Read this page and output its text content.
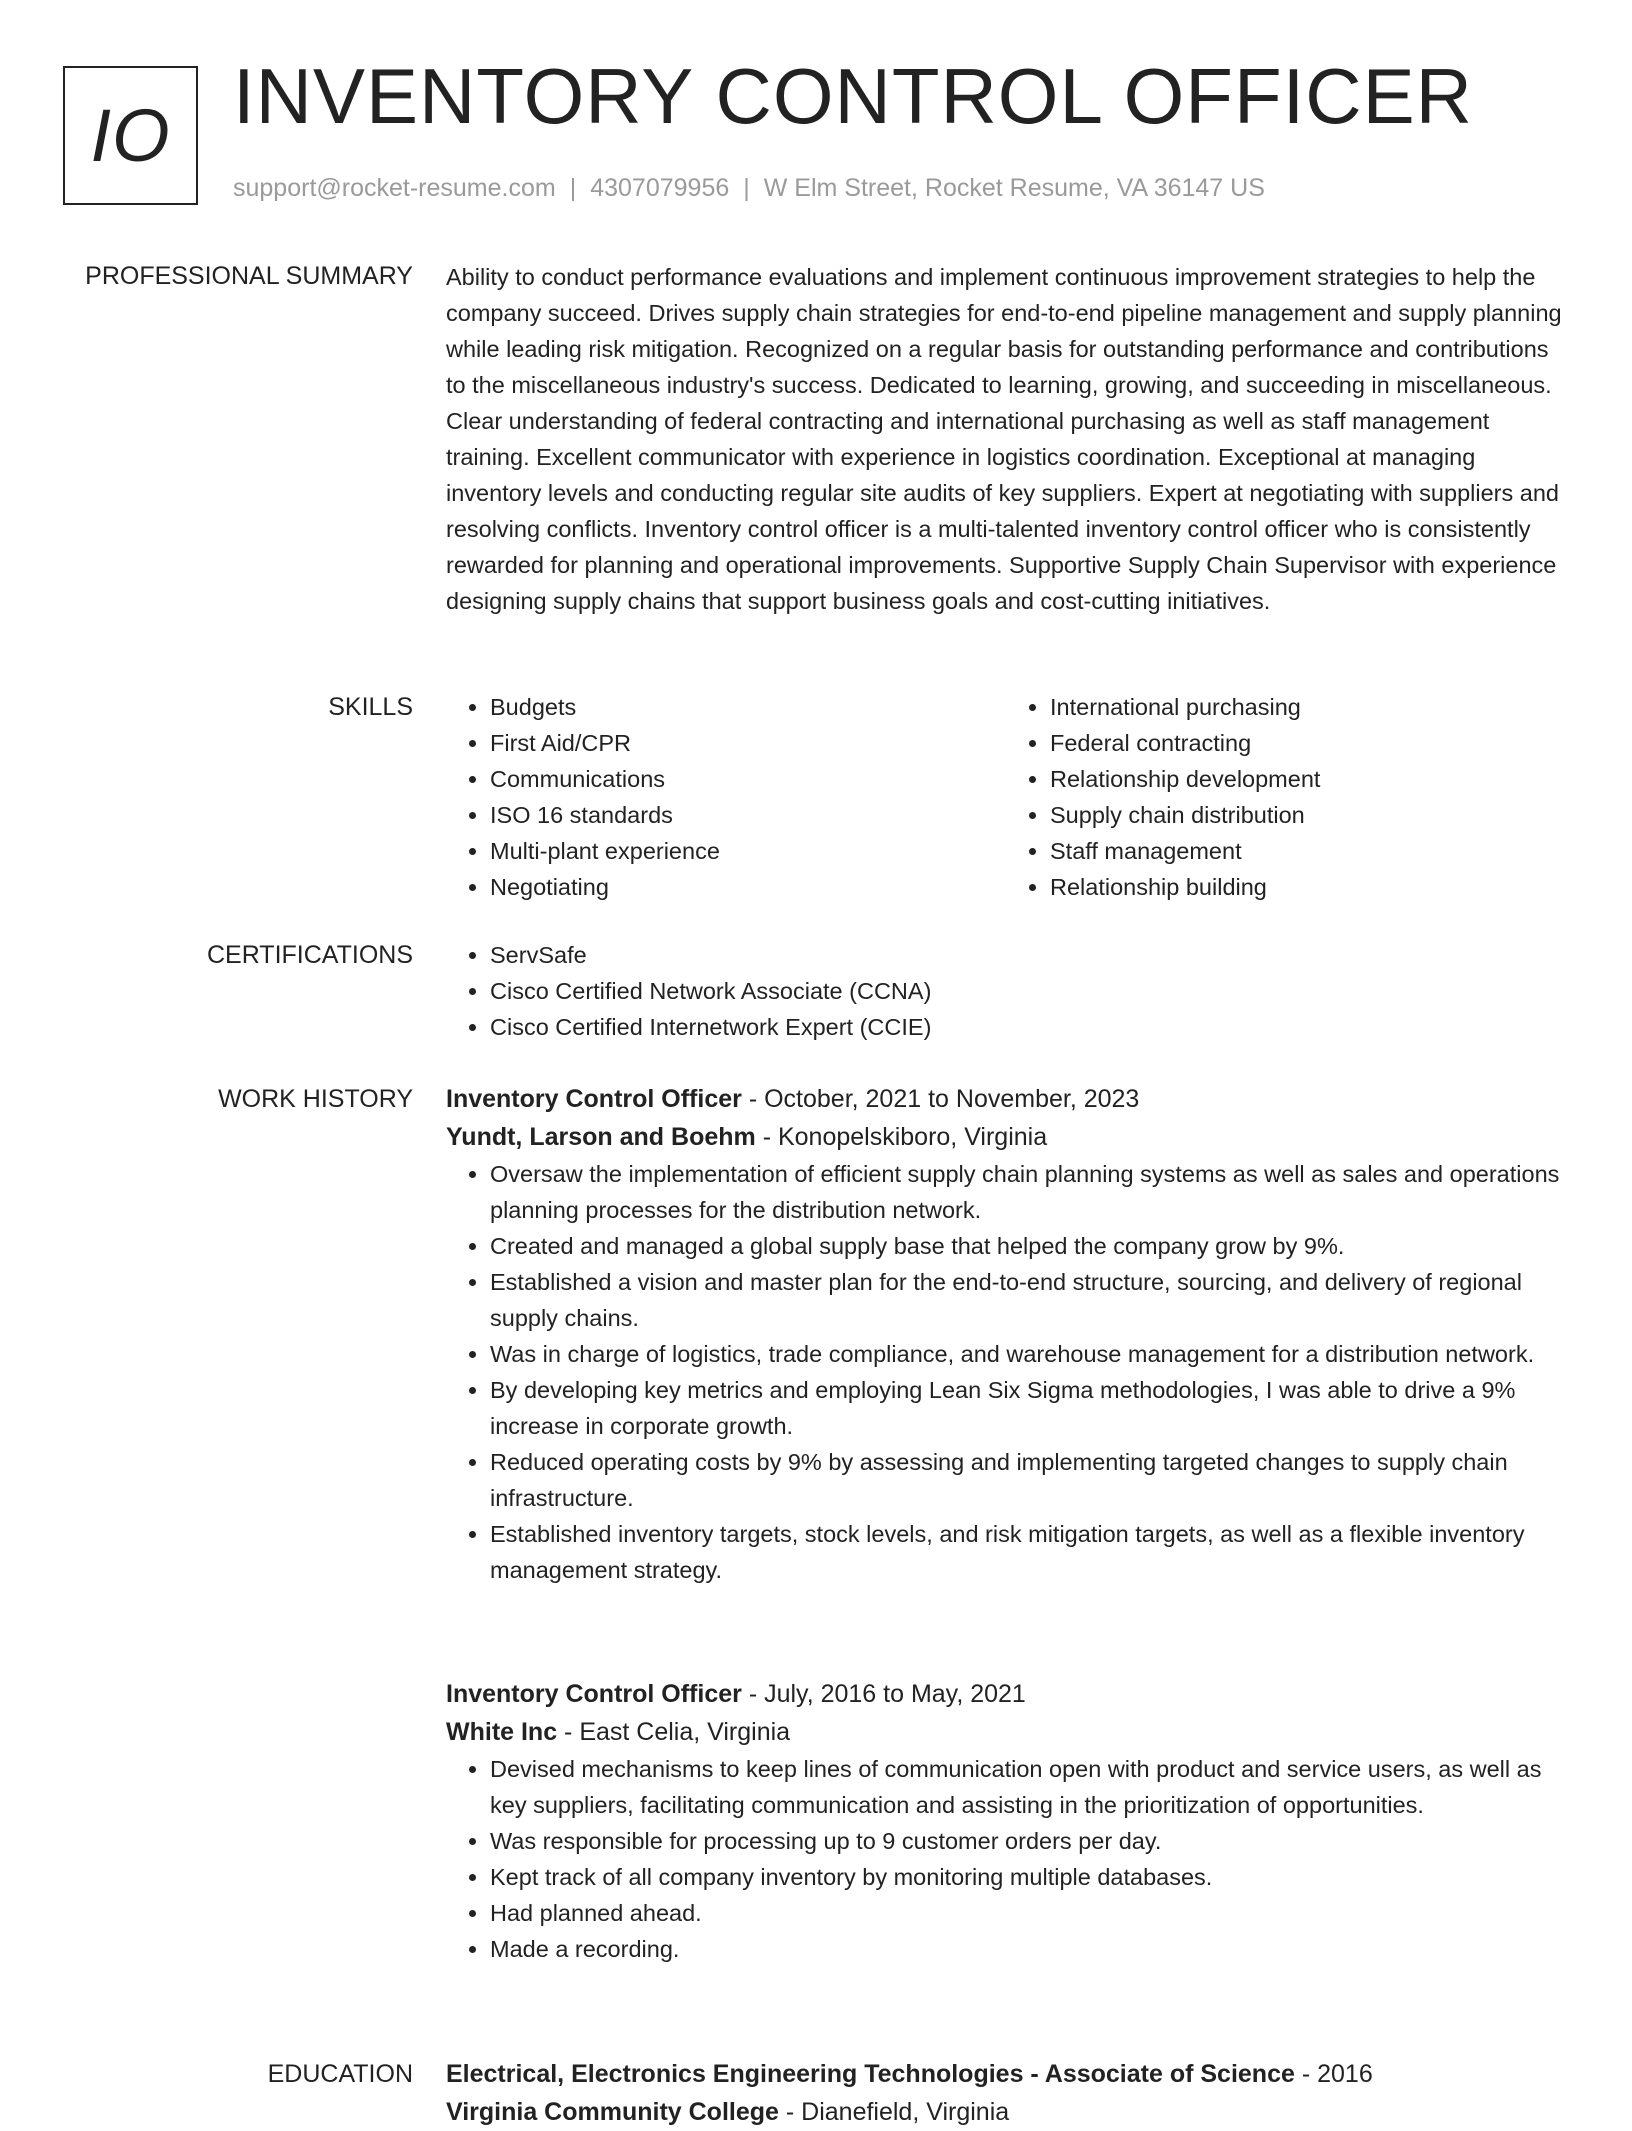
IO INVENTORY CONTROL OFFICER
support@rocket-resume.com | 4307079956 | W Elm Street, Rocket Resume, VA 36147 US
PROFESSIONAL SUMMARY Ability to conduct performance evaluations and implement continuous improvement strategies to help the company succeed. Drives supply chain strategies for end-to-end pipeline management and supply planning while leading risk mitigation. Recognized on a regular basis for outstanding performance and contributions to the miscellaneous industry's success. Dedicated to learning, growing, and succeeding in miscellaneous. Clear understanding of federal contracting and international purchasing as well as staff management training. Excellent communicator with experience in logistics coordination. Exceptional at managing inventory levels and conducting regular site audits of key suppliers. Expert at negotiating with suppliers and resolving conflicts. Inventory control officer is a multi-talented inventory control officer who is consistently rewarded for planning and operational improvements. Supportive Supply Chain Supervisor with experience designing supply chains that support business goals and cost-cutting initiatives.

SKILLS	• Budgets
• First Aid/CPR
• Communications
• ISO 16 standards
• Multi-plant experience
• Negotiating
• International purchasing
• Federal contracting
• Relationship development
• Supply chain distribution
• Staff management
• Relationship building
CERTIFICATIONS	• ServSafe
• Cisco Certified Network Associate (CCNA)
• Cisco Certified Internetwork Expert (CCIE)
WORK HISTORY Inventory Control Officer - October, 2021 to November, 2023
Yundt, Larson and Boehm - Konopelskiboro, Virginia
• Oversaw the implementation of efficient supply chain planning systems as well as sales and operations planning processes for the distribution network.
• Created and managed a global supply base that helped the company grow by 9%.
• Established a vision and master plan for the end-to-end structure, sourcing, and delivery of regional supply chains.
• Was in charge of logistics, trade compliance, and warehouse management for a distribution network.
• By developing key metrics and employing Lean Six Sigma methodologies, I was able to drive a 9% increase in corporate growth.
• Reduced operating costs by 9% by assessing and implementing targeted changes to supply chain infrastructure.
• Established inventory targets, stock levels, and risk mitigation targets, as well as a flexible inventory management strategy.
Inventory Control Officer - July, 2016 to May, 2021
White Inc - East Celia, Virginia
• Devised mechanisms to keep lines of communication open with product and service users, as well as key suppliers, facilitating communication and assisting in the prioritization of opportunities.
• Was responsible for processing up to 9 customer orders per day.
• Kept track of all company inventory by monitoring multiple databases.
• Had planned ahead.
• Made a recording.
EDUCATION Electrical, Electronics Engineering Technologies - Associate of Science - 2016
Virginia Community College - Dianefield, Virginia
